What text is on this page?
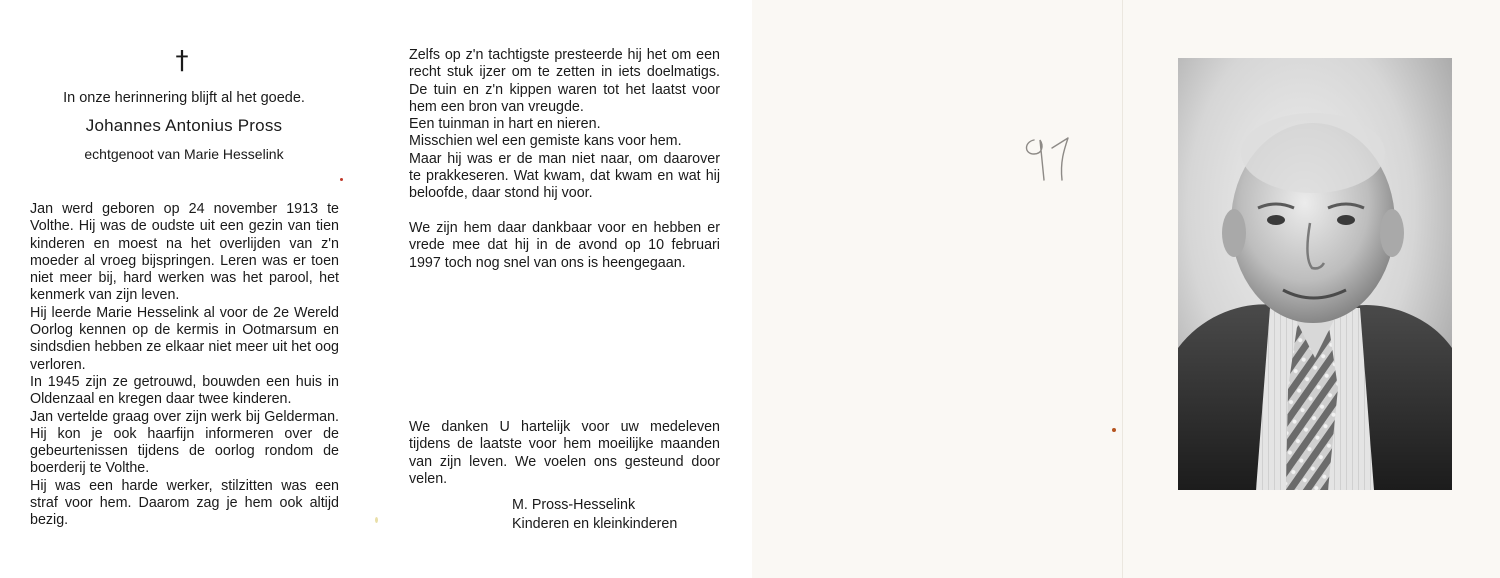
†
In onze herinnering blijft al het goede.
Johannes Antonius Pross
echtgenoot van Marie Hesselink

Jan werd geboren op 24 november 1913 te Volthe. Hij was de oudste uit een gezin van tien kinderen en moest na het overlijden van z'n moeder al vroeg bijspringen. Leren was er toen niet meer bij, hard werken was het parool, het kenmerk van zijn leven.

Hij leerde Marie Hesselink al voor de 2e Wereld Oorlog kennen op de kermis in Ootmarsum en sindsdien hebben ze elkaar niet meer uit het oog verloren.

In 1945 zijn ze getrouwd, bouwden een huis in Oldenzaal en kregen daar twee kinderen.

Jan vertelde graag over zijn werk bij Gelderman. Hij kon je ook haarfijn informeren over de gebeurtenissen tijdens de oorlog rondom de boerderij te Volthe.

Hij was een harde werker, stilzitten was een straf voor hem. Daarom zag je hem ook altijd bezig.

Zelfs op z'n tachtigste presteerde hij het om een recht stuk ijzer om te zetten in iets doelmatigs. De tuin en z'n kippen waren tot het laatst voor hem een bron van vreugde.

Een tuinman in hart en nieren.

Misschien wel een gemiste kans voor hem.

Maar hij was er de man niet naar, om daarover te prakkeseren. Wat kwam, dat kwam en wat hij beloofde, daar stond hij voor.

We zijn hem daar dankbaar voor en hebben er vrede mee dat hij in de avond op 10 februari 1997 toch nog snel van ons is heengegaan.

We danken U hartelijk voor uw medeleven tijdens de laatste voor hem moeilijke maanden van zijn leven. We voelen ons gesteund door velen.

M. Pross-Hesselink
Kinderen en kleinkinderen
